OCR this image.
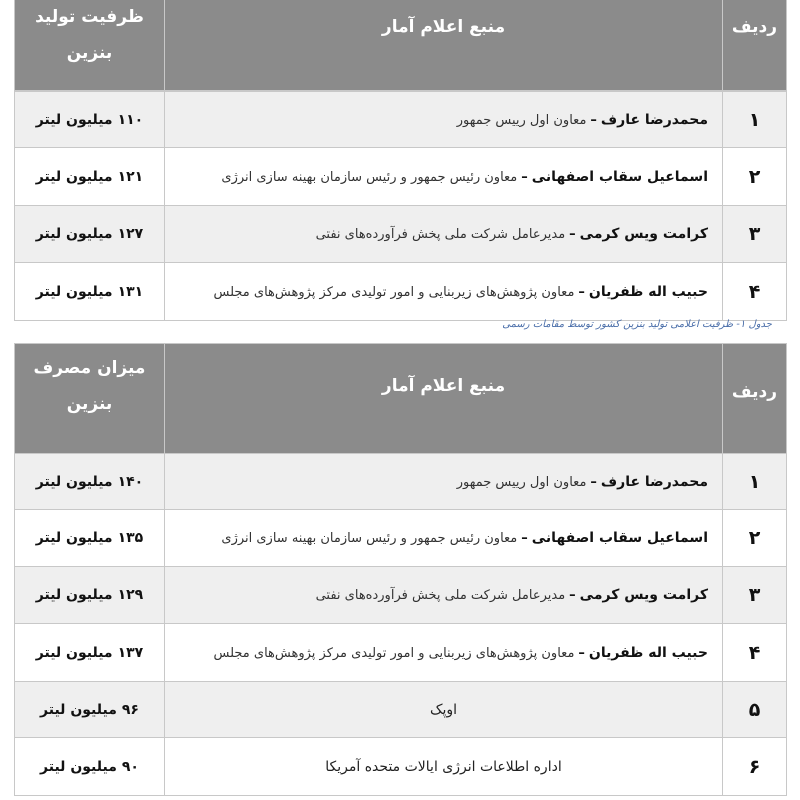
ردیف	منبع اعلام آمار	ظرفیت تولید
بنزین

۱	محمدرضا عارف–معاون اول رییس جمهور	۱۱۰میلیون لیتر
۲	اسماعیل سقاب اصفهانی–معاون رئیس جمهور و رئیس سازمان بهینه سازی انرژی	۱۲۱میلیون لیتر
۳	کرامت ویس کرمی–مدیرعامل شرکت ملی پخش فرآورده‌های نفتی	۱۲۷میلیون لیتر
۴	حبیب اله ظفریان–معاون پژوهش‌های زیربنایی و امور تولیدی مرکز پژوهش‌های مجلس	۱۳۱میلیون لیتر
جدول ۱- ظرفیت اعلامی تولید بنزین کشور توسط مقامات رسمی
ردیف	منبع اعلام آمار	میزان مصرف
بنزین

۱	محمدرضا عارف–معاون اول رییس جمهور	۱۴۰میلیون لیتر
۲	اسماعیل سقاب اصفهانی–معاون رئیس جمهور و رئیس سازمان بهینه سازی انرژی	۱۳۵میلیون لیتر
۳	کرامت ویس کرمی–مدیرعامل شرکت ملی پخش فرآورده‌های نفتی	۱۲۹میلیون لیتر
۴	حبیب اله ظفریان–معاون پژوهش‌های زیربنایی و امور تولیدی مرکز پژوهش‌های مجلس	۱۳۷میلیون لیتر
۵	اوپک	۹۶میلیون لیتر
۶	اداره اطلاعات انرژی ایالات متحده آمریکا	۹۰میلیون لیتر
